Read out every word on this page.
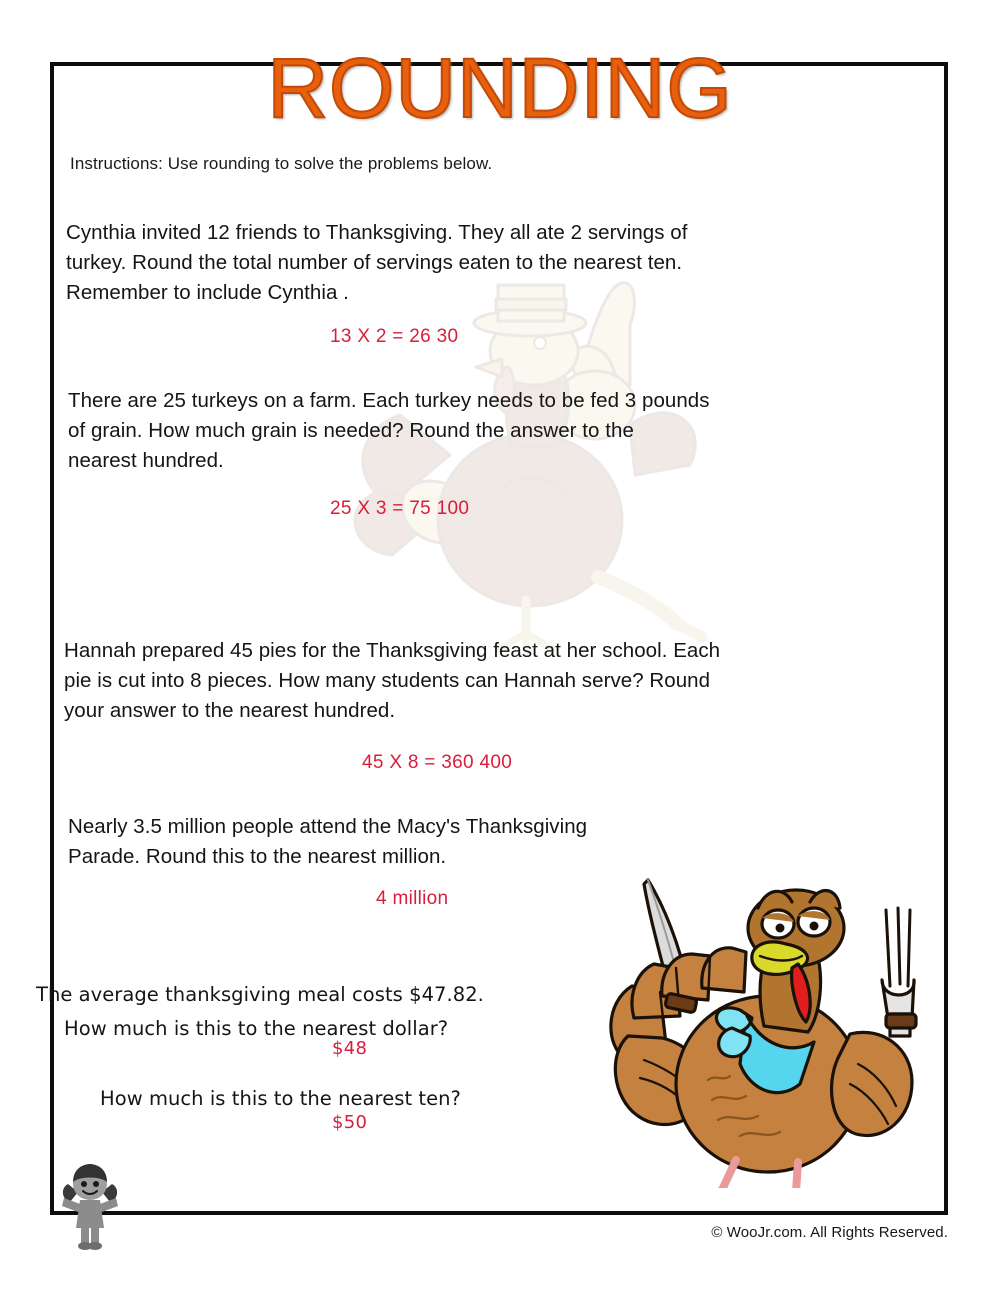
ROUNDING
Instructions: Use rounding to solve the problems below.

Cynthia invited 12 friends to Thanksgiving. They all ate 2 servings of

turkey. Round the total number of servings eaten to the nearest ten.

Remember to include Cynthia .

13 X 2 = 26 30

There are 25 turkeys on a farm. Each turkey needs to be fed 3 pounds

of grain. How much grain is needed? Round the answer to the

nearest hundred.

25 X 3 = 75 100

Hannah prepared 45 pies for the Thanksgiving feast at her school. Each

pie is cut into 8 pieces. How many students can Hannah serve? Round

your answer to the nearest hundred.

45 X 8 = 360 400

Nearly 3.5 million people attend the Macy's Thanksgiving

Parade. Round this to the nearest million.

4 million

The average thanksgiving meal costs $47.82.

How much is this to the nearest dollar?

$48
How much is this to the nearest ten?
$50
© WooJr.com. All Rights Reserved.
